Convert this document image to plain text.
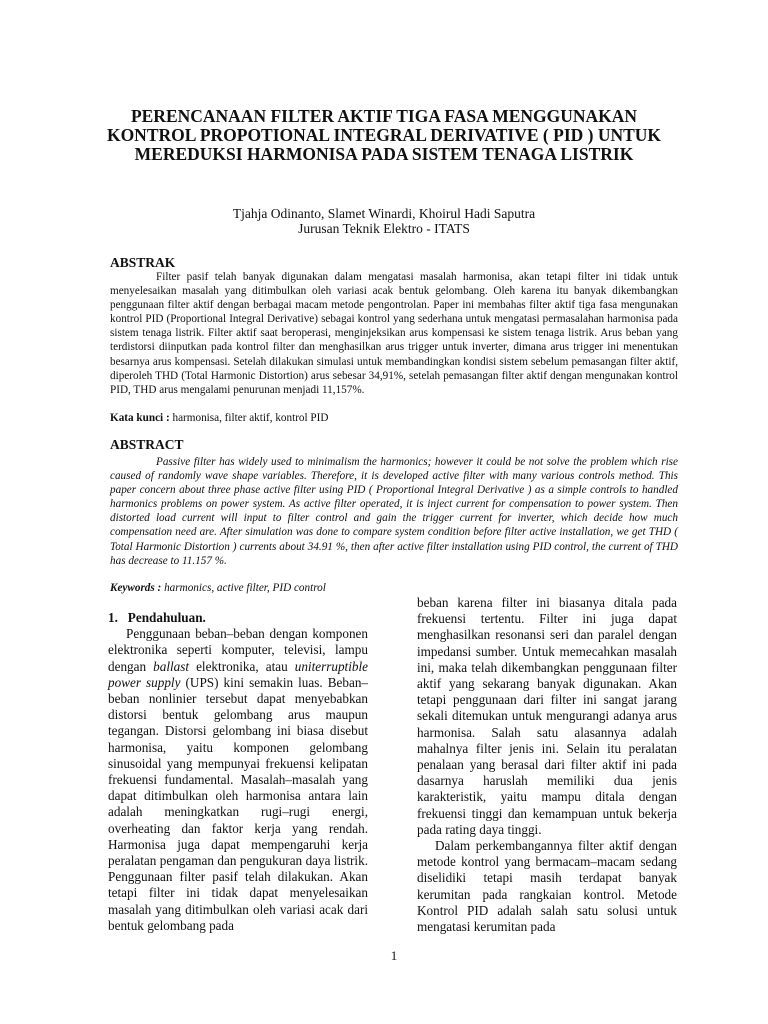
PERENCANAAN FILTER AKTIF TIGA FASA MENGGUNAKAN KONTROL PROPOTIONAL INTEGRAL DERIVATIVE ( PID ) UNTUK MEREDUKSI HARMONISA PADA SISTEM TENAGA LISTRIK
Tjahja Odinanto, Slamet Winardi, Khoirul Hadi Saputra
Jurusan Teknik Elektro - ITATS
ABSTRAK

Filter pasif telah banyak digunakan dalam mengatasi masalah harmonisa, akan tetapi filter ini tidak untuk menyelesaikan masalah yang ditimbulkan oleh variasi acak bentuk gelombang. Oleh karena itu banyak dikembangkan penggunaan filter aktif dengan berbagai macam metode pengontrolan. Paper ini membahas filter aktif tiga fasa mengunakan kontrol PID (Proportional Integral Derivative) sebagai kontrol yang sederhana untuk mengatasi permasalahan harmonisa pada sistem tenaga listrik. Filter aktif saat beroperasi, menginjeksikan arus kompensasi ke sistem tenaga listrik. Arus beban yang terdistorsi diinputkan pada kontrol filter dan menghasilkan arus trigger untuk inverter, dimana arus trigger ini menentukan besarnya arus kompensasi. Setelah dilakukan simulasi untuk membandingkan kondisi sistem sebelum pemasangan filter aktif, diperoleh THD (Total Harmonic Distortion) arus sebesar 34,91%, setelah pemasangan filter aktif dengan mengunakan kontrol PID, THD arus mengalami penurunan menjadi 11,157%.

Kata kunci : harmonisa, filter aktif, kontrol PID

ABSTRACT

Passive filter has widely used to minimalism the harmonics; however it could be not solve the problem which rise caused of randomly wave shape variables. Therefore, it is developed active filter with many various controls method. This paper concern about three phase active filter using PID ( Proportional Integral Derivative ) as a simple controls to handled harmonics problems on power system. As active filter operated, it is inject current for compensation to power system. Then distorted load current will input to filter control and gain the trigger current for inverter, which decide how much compensation need are. After simulation was done to compare system condition before filter active installation, we get THD ( Total Harmonic Distortion ) currents about 34.91 %, then after active filter installation using PID control, the current of THD has decrease to 11.157 %.

Keywords : harmonics, active filter, PID control

1.   Pendahuluan.

Penggunaan beban–beban dengan komponen elektronika seperti komputer, televisi, lampu dengan ballast elektronika, atau uniterruptible power supply (UPS) kini semakin luas. Beban–beban nonlinier tersebut dapat menyebabkan distorsi bentuk gelombang arus maupun tegangan. Distorsi gelombang ini biasa disebut harmonisa, yaitu komponen gelombang sinusoidal yang mempunyai frekuensi kelipatan frekuensi fundamental. Masalah–masalah yang dapat ditimbulkan oleh harmonisa antara lain adalah meningkatkan rugi–rugi energi, overheating dan faktor kerja yang rendah. Harmonisa juga dapat mempengaruhi kerja peralatan pengaman dan pengukuran daya listrik. Penggunaan filter pasif telah dilakukan. Akan tetapi filter ini tidak dapat menyelesaikan masalah yang ditimbulkan oleh variasi acak dari bentuk gelombang pada

beban karena filter ini biasanya ditala pada frekuensi tertentu. Filter ini juga dapat menghasilkan resonansi seri dan paralel dengan impedansi sumber. Untuk memecahkan masalah ini, maka telah dikembangkan penggunaan filter aktif yang sekarang banyak digunakan. Akan tetapi penggunaan dari filter ini sangat jarang sekali ditemukan untuk mengurangi adanya arus harmonisa. Salah satu alasannya adalah mahalnya filter jenis ini. Selain itu peralatan penalaan yang berasal dari filter aktif ini pada dasarnya haruslah memiliki dua jenis karakteristik, yaitu mampu ditala dengan frekuensi tinggi dan kemampuan untuk bekerja pada rating daya tinggi.

Dalam perkembangannya filter aktif dengan metode kontrol yang bermacam–macam sedang diselidiki tetapi masih terdapat banyak kerumitan pada rangkaian kontrol. Metode Kontrol PID adalah salah satu solusi untuk mengatasi kerumitan pada

1
